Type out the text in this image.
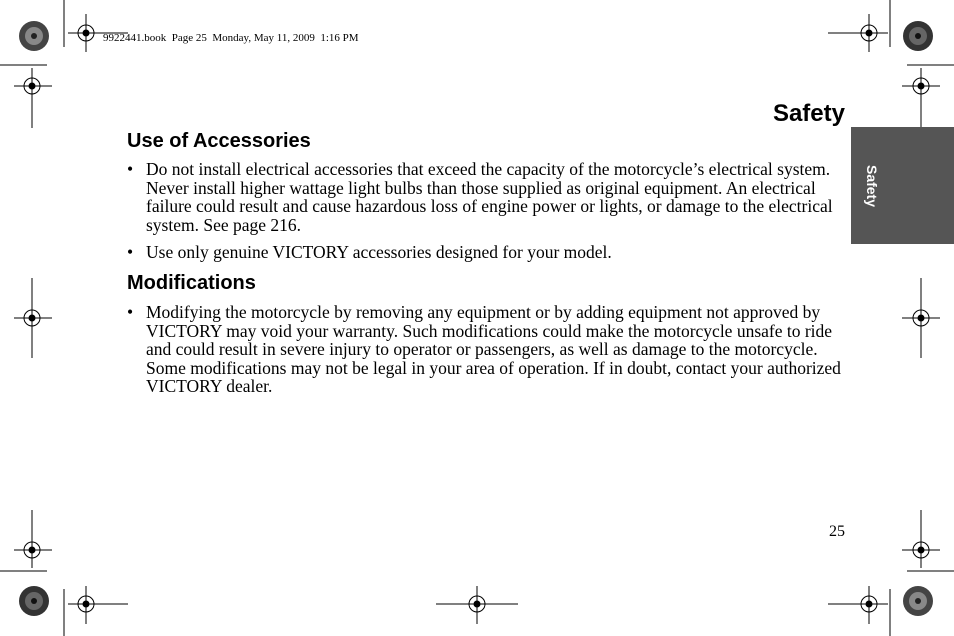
9922441.book  Page 25  Monday, May 11, 2009  1:16 PM
Safety
Safety
Use of Accessories
• Do not install electrical accessories that exceed the capacity of the motorcycle’s electrical system. Never install higher wattage light bulbs than those supplied as original equipment. An electrical failure could result and cause hazardous loss of engine power or lights, or damage to the electrical system. See page 216.
• Use only genuine VICTORY accessories designed for your model.
Modifications
• Modifying the motorcycle by removing any equipment or by adding equipment not approved by VICTORY may void your warranty. Such modifications could make the motorcycle unsafe to ride and could result in severe injury to operator or passengers, as well as damage to the motorcycle. Some modifications may not be legal in your area of operation. If in doubt, contact your authorized VICTORY dealer.
25
